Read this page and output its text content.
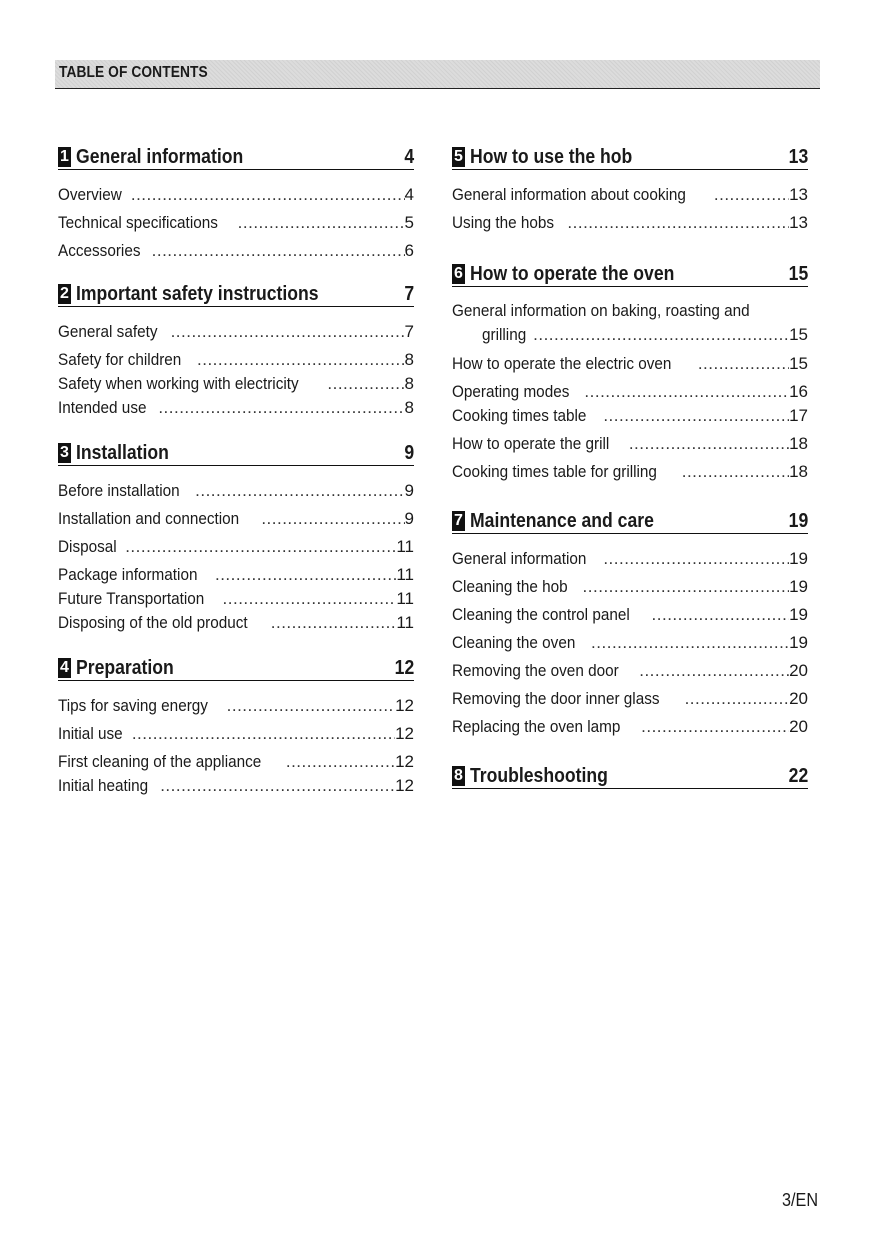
TABLE OF CONTENTS
1 General information	4
Overview .....	4
Technical specifications .....	5
Accessories .....	6
2 Important safety instructions	7
General safety .....	7
Safety for children .....	8
Safety when working with electricity .....	8
Intended use .....	8
3 Installation	9
Before installation .....	9
Installation and connection .....	9
Disposal .....	11
Package information .....	11
Future Transportation .....	11
Disposing of the old product .....	11
4 Preparation	12
Tips for saving energy .....	12
Initial use .....	12
First cleaning of the appliance .....	12
Initial heating .....	12
5 How to use the hob	13
General information about cooking .....	13
Using the hobs .....	13
6 How to operate the oven	15
General information on baking, roasting and
grilling .....	15
How to operate the electric oven .....	15
Operating modes .....	16
Cooking times table .....	17
How to operate the grill .....	18
Cooking times table for grilling .....	18
7 Maintenance and care	19
General information .....	19
Cleaning the hob .....	19
Cleaning the control panel .....	19
Cleaning the oven .....	19
Removing the oven door .....	20
Removing the door inner glass .....	20
Replacing the oven lamp .....	20
8 Troubleshooting	22
3/EN
